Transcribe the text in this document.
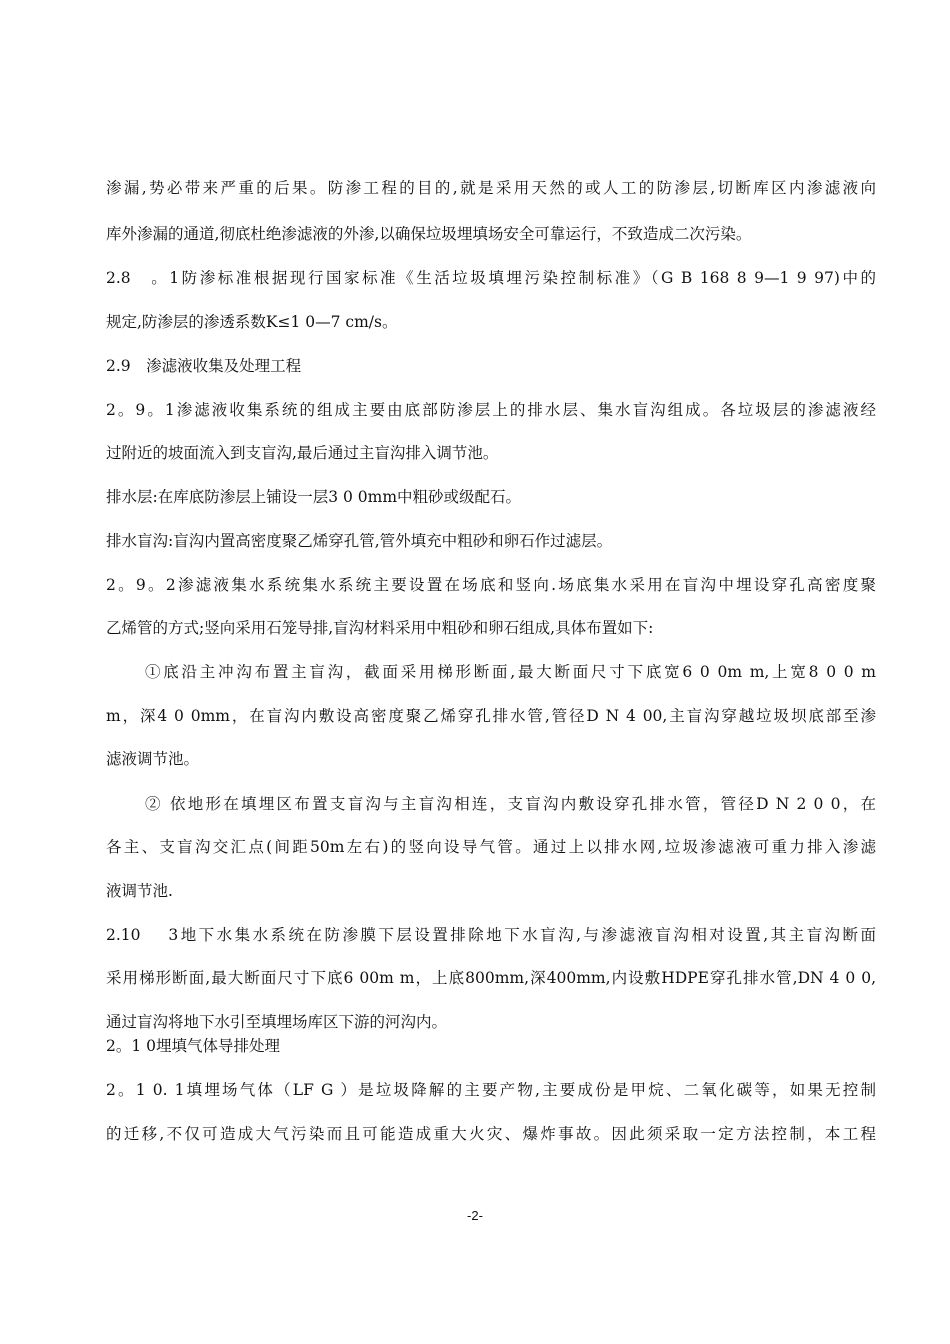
渗漏,势必带来严重的后果。防渗工程的目的,就是采用天然的或人工的防渗层,切断库区内渗滤液向
库外渗漏的通道,彻底杜绝渗滤液的外渗,以确保垃圾埋填场安全可靠运行，不致造成二次污染。
2.8　。1防渗标准根据现行国家标准《生活垃圾填埋污染控制标准》（G B 168 8 9—1 9 97)中的
规定,防渗层的渗透系数K≤1 0—7 cm/s。
2.9　渗滤液收集及处理工程
2。9。1渗滤液收集系统的组成主要由底部防渗层上的排水层、集水盲沟组成。各垃圾层的渗滤液经
过附近的坡面流入到支盲沟,最后通过主盲沟排入调节池。
排水层:在库底防渗层上铺设一层3 0 0mm中粗砂或级配石。
排水盲沟:盲沟内置高密度聚乙烯穿孔管,管外填充中粗砂和卵石作过滤层。
2。9。2渗滤液集水系统集水系统主要设置在场底和竖向.场底集水采用在盲沟中埋设穿孔高密度聚
乙烯管的方式;竖向采用石笼导排,盲沟材料采用中粗砂和卵石组成,具体布置如下:
①底沿主冲沟布置主盲沟，截面采用梯形断面,最大断面尺寸下底宽6 0 0m m,上宽8 0 0 m
m，深4 0 0mm，在盲沟内敷设高密度聚乙烯穿孔排水管,管径D N 4 00,主盲沟穿越垃圾坝底部至渗
滤液调节池。
② 依地形在填埋区布置支盲沟与主盲沟相连，支盲沟内敷设穿孔排水管，管径D N 2 0 0，在
各主、支盲沟交汇点(间距50m左右)的竖向设导气管。通过上以排水网,垃圾渗滤液可重力排入渗滤
液调节池.
2.10　 3地下水集水系统在防渗膜下层设置排除地下水盲沟,与渗滤液盲沟相对设置,其主盲沟断面
采用梯形断面,最大断面尺寸下底6 00m m，上底800mm,深400mm,内设敷HDPE穿孔排水管,DN 4 0 0,
通过盲沟将地下水引至填埋场库区下游的河沟内。
2。1 0埋填气体导排处理
2。1 0. 1填埋场气体（LF G ）是垃圾降解的主要产物,主要成份是甲烷、二氧化碳等，如果无控制
的迁移,不仅可造成大气污染而且可能造成重大火灾、爆炸事故。因此须采取一定方法控制，本工程
-2-
